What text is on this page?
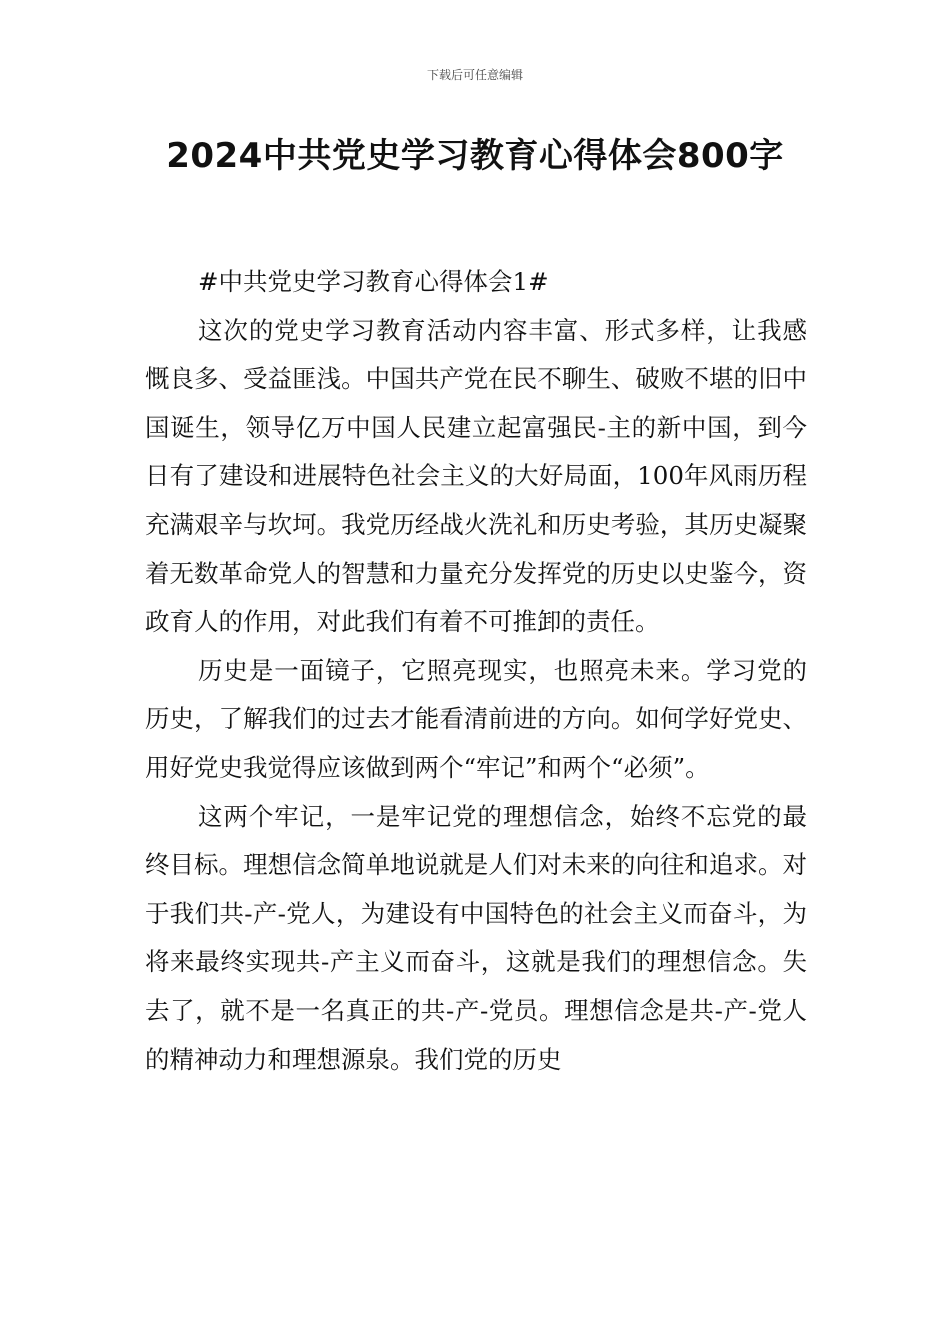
下载后可任意编辑
2024中共党史学习教育心得体会800字

#中共党史学习教育心得体会1#

这次的党史学习教育活动内容丰富、形式多样，让我感慨良多、受益匪浅。中国共产党在民不聊生、破败不堪的旧中国诞生，领导亿万中国人民建立起富强民-主的新中国，到今日有了建设和进展特色社会主义的大好局面，100年风雨历程充满艰辛与坎坷。我党历经战火洗礼和历史考验，其历史凝聚着无数革命党人的智慧和力量充分发挥党的历史以史鉴今，资政育人的作用，对此我们有着不可推卸的责任。

历史是一面镜子，它照亮现实，也照亮未来。学习党的历史，了解我们的过去才能看清前进的方向。如何学好党史、用好党史我觉得应该做到两个“牢记”和两个“必须”。

这两个牢记，一是牢记党的理想信念，始终不忘党的最终目标。理想信念简单地说就是人们对未来的向往和追求。对于我们共-产-党人，为建设有中国特色的社会主义而奋斗，为将来最终实现共-产主义而奋斗，这就是我们的理想信念。失去了，就不是一名真正的共-产-党员。理想信念是共-产-党人的精神动力和理想源泉。我们党的历史
